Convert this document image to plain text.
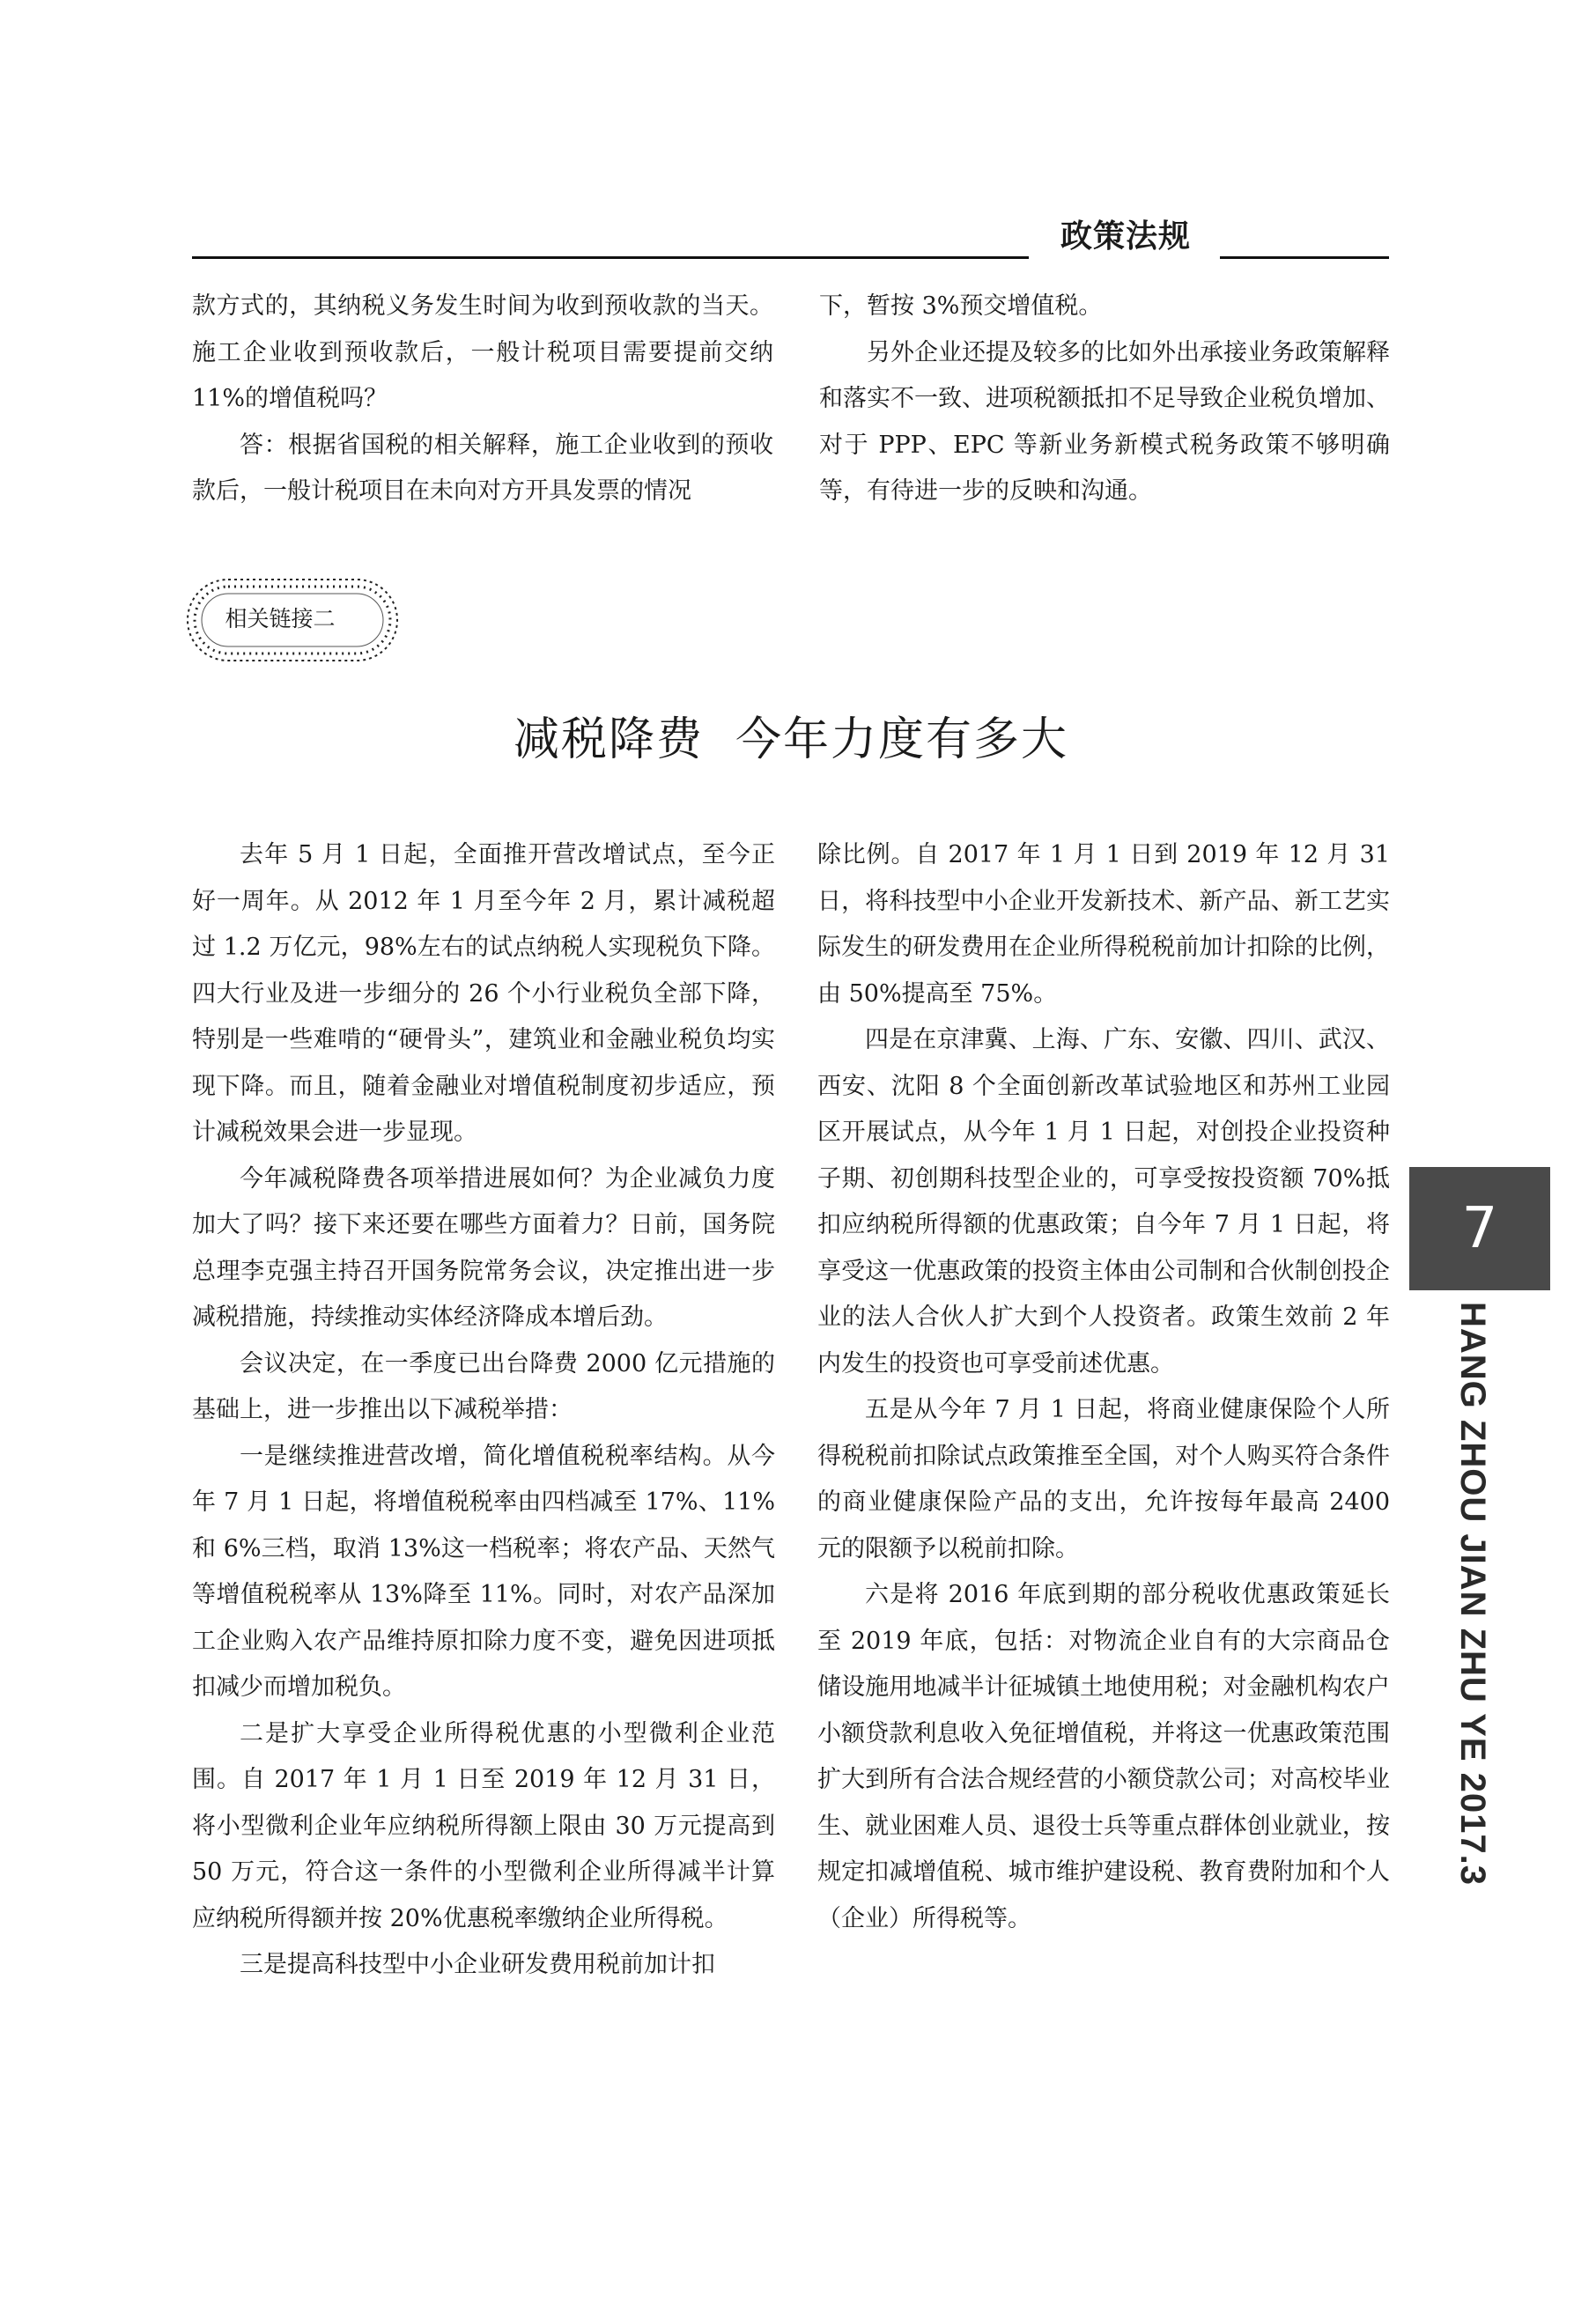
政策法规

款方式的，其纳税义务发生时间为收到预收款的当天。施工企业收到预收款后，一般计税项目需要提前交纳 11%的增值税吗？

答：根据省国税的相关解释，施工企业收到的预收款后，一般计税项目在未向对方开具发票的情况

下，暂按 3%预交增值税。

另外企业还提及较多的比如外出承接业务政策解释和落实不一致、进项税额抵扣不足导致企业税负增加、对于 PPP、EPC 等新业务新模式税务政策不够明确等，有待进一步的反映和沟通。

相关链接二
减税降费 今年力度有多大

去年 5 月 1 日起，全面推开营改增试点，至今正好一周年。从 2012 年 1 月至今年 2 月，累计减税超过 1.2 万亿元，98%左右的试点纳税人实现税负下降。四大行业及进一步细分的 26 个小行业税负全部下降，特别是一些难啃的“硬骨头”，建筑业和金融业税负均实现下降。而且，随着金融业对增值税制度初步适应，预计减税效果会进一步显现。

今年减税降费各项举措进展如何？为企业减负力度加大了吗？接下来还要在哪些方面着力？日前，国务院总理李克强主持召开国务院常务会议，决定推出进一步减税措施，持续推动实体经济降成本增后劲。

会议决定，在一季度已出台降费 2000 亿元措施的基础上，进一步推出以下减税举措：

一是继续推进营改增，简化增值税税率结构。从今年 7 月 1 日起，将增值税税率由四档减至 17%、11%和 6%三档，取消 13%这一档税率；将农产品、天然气等增值税税率从 13%降至 11%。同时，对农产品深加工企业购入农产品维持原扣除力度不变，避免因进项抵扣减少而增加税负。

二是扩大享受企业所得税优惠的小型微利企业范围。自 2017 年 1 月 1 日至 2019 年 12 月 31 日，将小型微利企业年应纳税所得额上限由 30 万元提高到 50 万元，符合这一条件的小型微利企业所得减半计算应纳税所得额并按 20%优惠税率缴纳企业所得税。

三是提高科技型中小企业研发费用税前加计扣

除比例。自 2017 年 1 月 1 日到 2019 年 12 月 31 日，将科技型中小企业开发新技术、新产品、新工艺实际发生的研发费用在企业所得税税前加计扣除的比例，由 50%提高至 75%。

四是在京津冀、上海、广东、安徽、四川、武汉、西安、沈阳 8 个全面创新改革试验地区和苏州工业园区开展试点，从今年 1 月 1 日起，对创投企业投资种子期、初创期科技型企业的，可享受按投资额 70%抵扣应纳税所得额的优惠政策；自今年 7 月 1 日起，将享受这一优惠政策的投资主体由公司制和合伙制创投企业的法人合伙人扩大到个人投资者。政策生效前 2 年内发生的投资也可享受前述优惠。

五是从今年 7 月 1 日起，将商业健康保险个人所得税税前扣除试点政策推至全国，对个人购买符合条件的商业健康保险产品的支出，允许按每年最高 2400 元的限额予以税前扣除。

六是将 2016 年底到期的部分税收优惠政策延长至 2019 年底，包括：对物流企业自有的大宗商品仓储设施用地减半计征城镇土地使用税；对金融机构农户小额贷款利息收入免征增值税，并将这一优惠政策范围扩大到所有合法合规经营的小额贷款公司；对高校毕业生、就业困难人员、退役士兵等重点群体创业就业，按规定扣减增值税、城市维护建设税、教育费附加和个人（企业）所得税等。

7
HANG ZHOU JIAN ZHU YE 2017.3
